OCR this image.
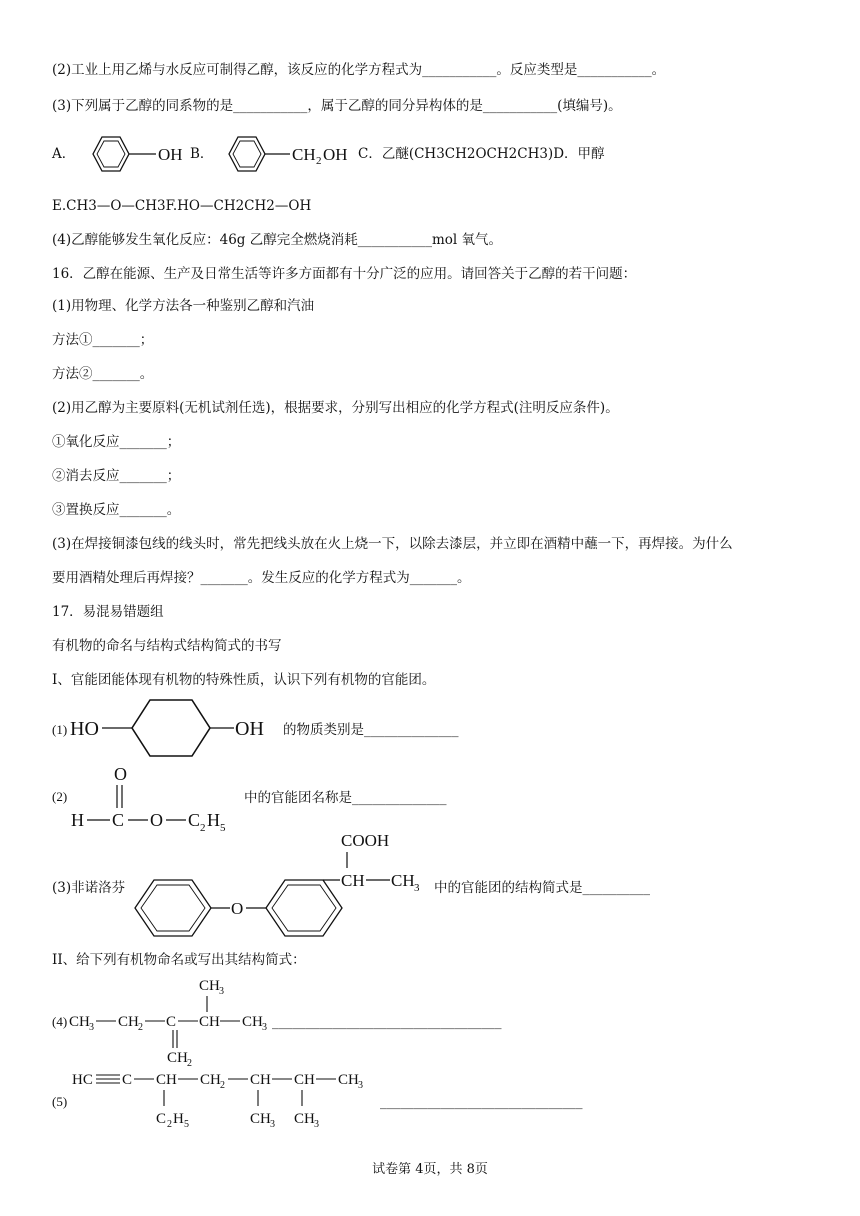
(2)工业上用乙烯与水反应可制得乙醇，该反应的化学方程式为___________。反应类型是___________。
(3)下列属于乙醇的同系物的是___________，属于乙醇的同分异构体的是___________(填编号)。
A．	OH B．	CH 2 OH C．乙醚(CH3CH2OCH2CH3)D．甲醇
E.CH3—O—CH3F.HO—CH2CH2—OH
(4)乙醇能够发生氧化反应：46g 乙醇完全燃烧消耗___________mol 氧气。
16．乙醇在能源、生产及日常生活等许多方面都有十分广泛的应用。请回答关于乙醇的若干问题：
(1)用物理、化学方法各一种鉴别乙醇和汽油
方法①_______；
方法②_______。
(2)用乙醇为主要原料(无机试剂任选)，根据要求，分别写出相应的化学方程式(注明反应条件)。
①氧化反应_______；
②消去反应_______；
③置换反应_______。
(3)在焊接铜漆包线的线头时，常先把线头放在火上烧一下，以除去漆层，并立即在酒精中蘸一下，再焊接。为什么
要用酒精处理后再焊接？_______。发生反应的化学方程式为_______。
17．易混易错题组
有机物的命名与结构式结构简式的书写
I、官能团能体现有机物的特殊性质，认识下列有机物的官能团。
(1) HO	OH 的物质类别是______________
(2)
O
H C O C 2 H 5
中的官能团名称是______________
(3)非诺洛芬
O
COOH
CH CH 3 中的官能团的结构简式是__________
II、给下列有机物命名或写出其结构简式：
(4) CH 3 CH 2 C
CH 2
CH
CH 3
CH 3 __________________________________
(5)
HC C CH
C 2 H 5
CH 2 CH
CH 3
CH
CH 3
CH 3
______________________________
试卷第 4页，共 8页
